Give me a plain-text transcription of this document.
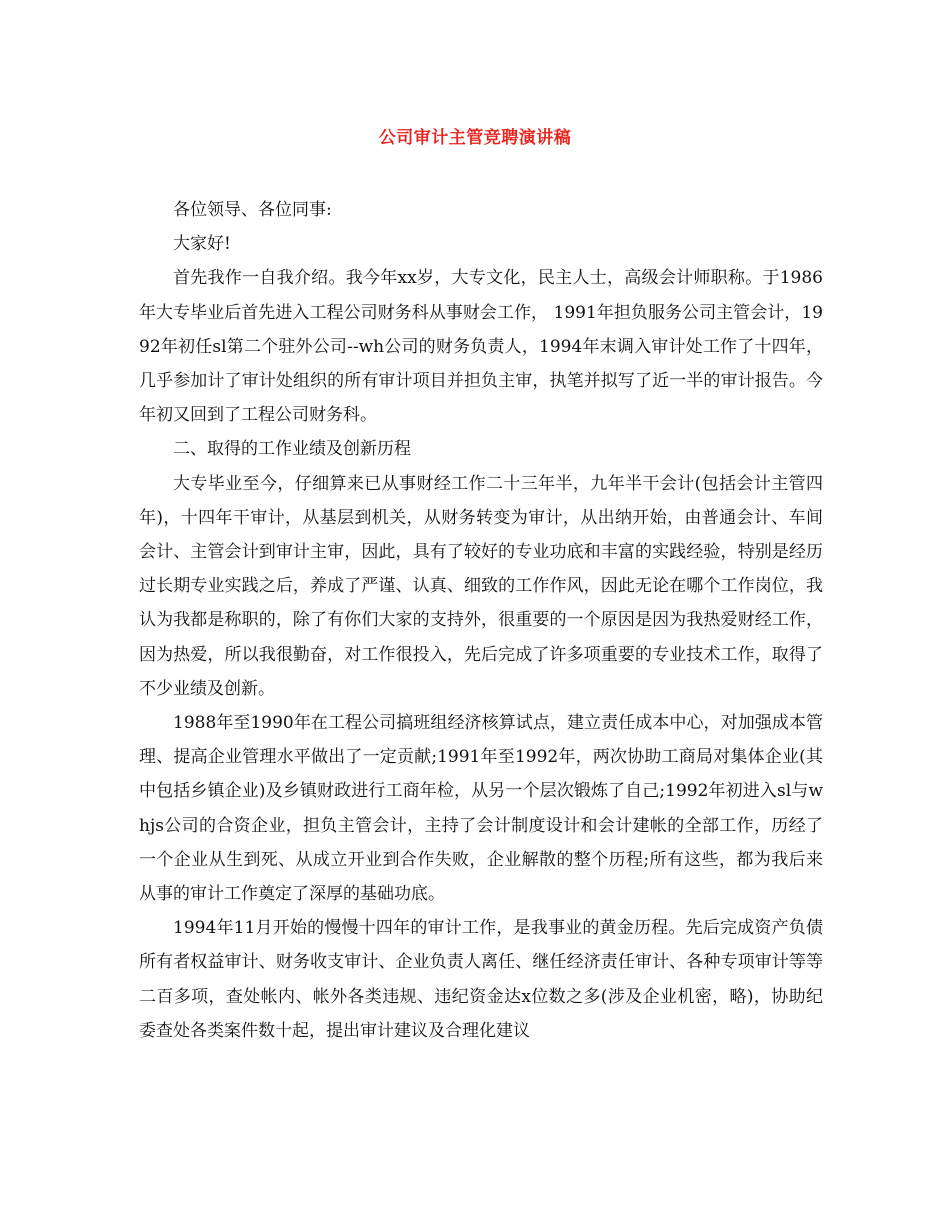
公司审计主管竞聘演讲稿

各位领导、各位同事:

大家好!

首先我作一自我介绍。我今年xx岁，大专文化，民主人士，高级会计师职称。于1986年大专毕业后首先进入工程公司财务科从事财会工作， 1991年担负服务公司主管会计，1992年初任sl第二个驻外公司--wh公司的财务负责人，1994年末调入审计处工作了十四年，几乎参加计了审计处组织的所有审计项目并担负主审，执笔并拟写了近一半的审计报告。今年初又回到了工程公司财务科。

二、取得的工作业绩及创新历程

大专毕业至今，仔细算来已从事财经工作二十三年半，九年半干会计(包括会计主管四年)，十四年干审计，从基层到机关，从财务转变为审计，从出纳开始，由普通会计、车间会计、主管会计到审计主审，因此，具有了较好的专业功底和丰富的实践经验，特别是经历过长期专业实践之后，养成了严谨、认真、细致的工作作风，因此无论在哪个工作岗位，我认为我都是称职的，除了有你们大家的支持外，很重要的一个原因是因为我热爱财经工作，因为热爱，所以我很勤奋，对工作很投入，先后完成了许多项重要的专业技术工作，取得了不少业绩及创新。

1988年至1990年在工程公司搞班组经济核算试点，建立责任成本中心，对加强成本管理、提高企业管理水平做出了一定贡献;1991年至1992年，两次协助工商局对集体企业(其中包括乡镇企业)及乡镇财政进行工商年检，从另一个层次锻炼了自己;1992年初进入sl与whjs公司的合资企业，担负主管会计，主持了会计制度设计和会计建帐的全部工作，历经了一个企业从生到死、从成立开业到合作失败，企业解散的整个历程;所有这些，都为我后来从事的审计工作奠定了深厚的基础功底。

1994年11月开始的慢慢十四年的审计工作，是我事业的黄金历程。先后完成资产负债所有者权益审计、财务收支审计、企业负责人离任、继任经济责任审计、各种专项审计等等二百多项，查处帐内、帐外各类违规、违纪资金达x位数之多(涉及企业机密，略)，协助纪委查处各类案件数十起，提出审计建议及合理化建议
